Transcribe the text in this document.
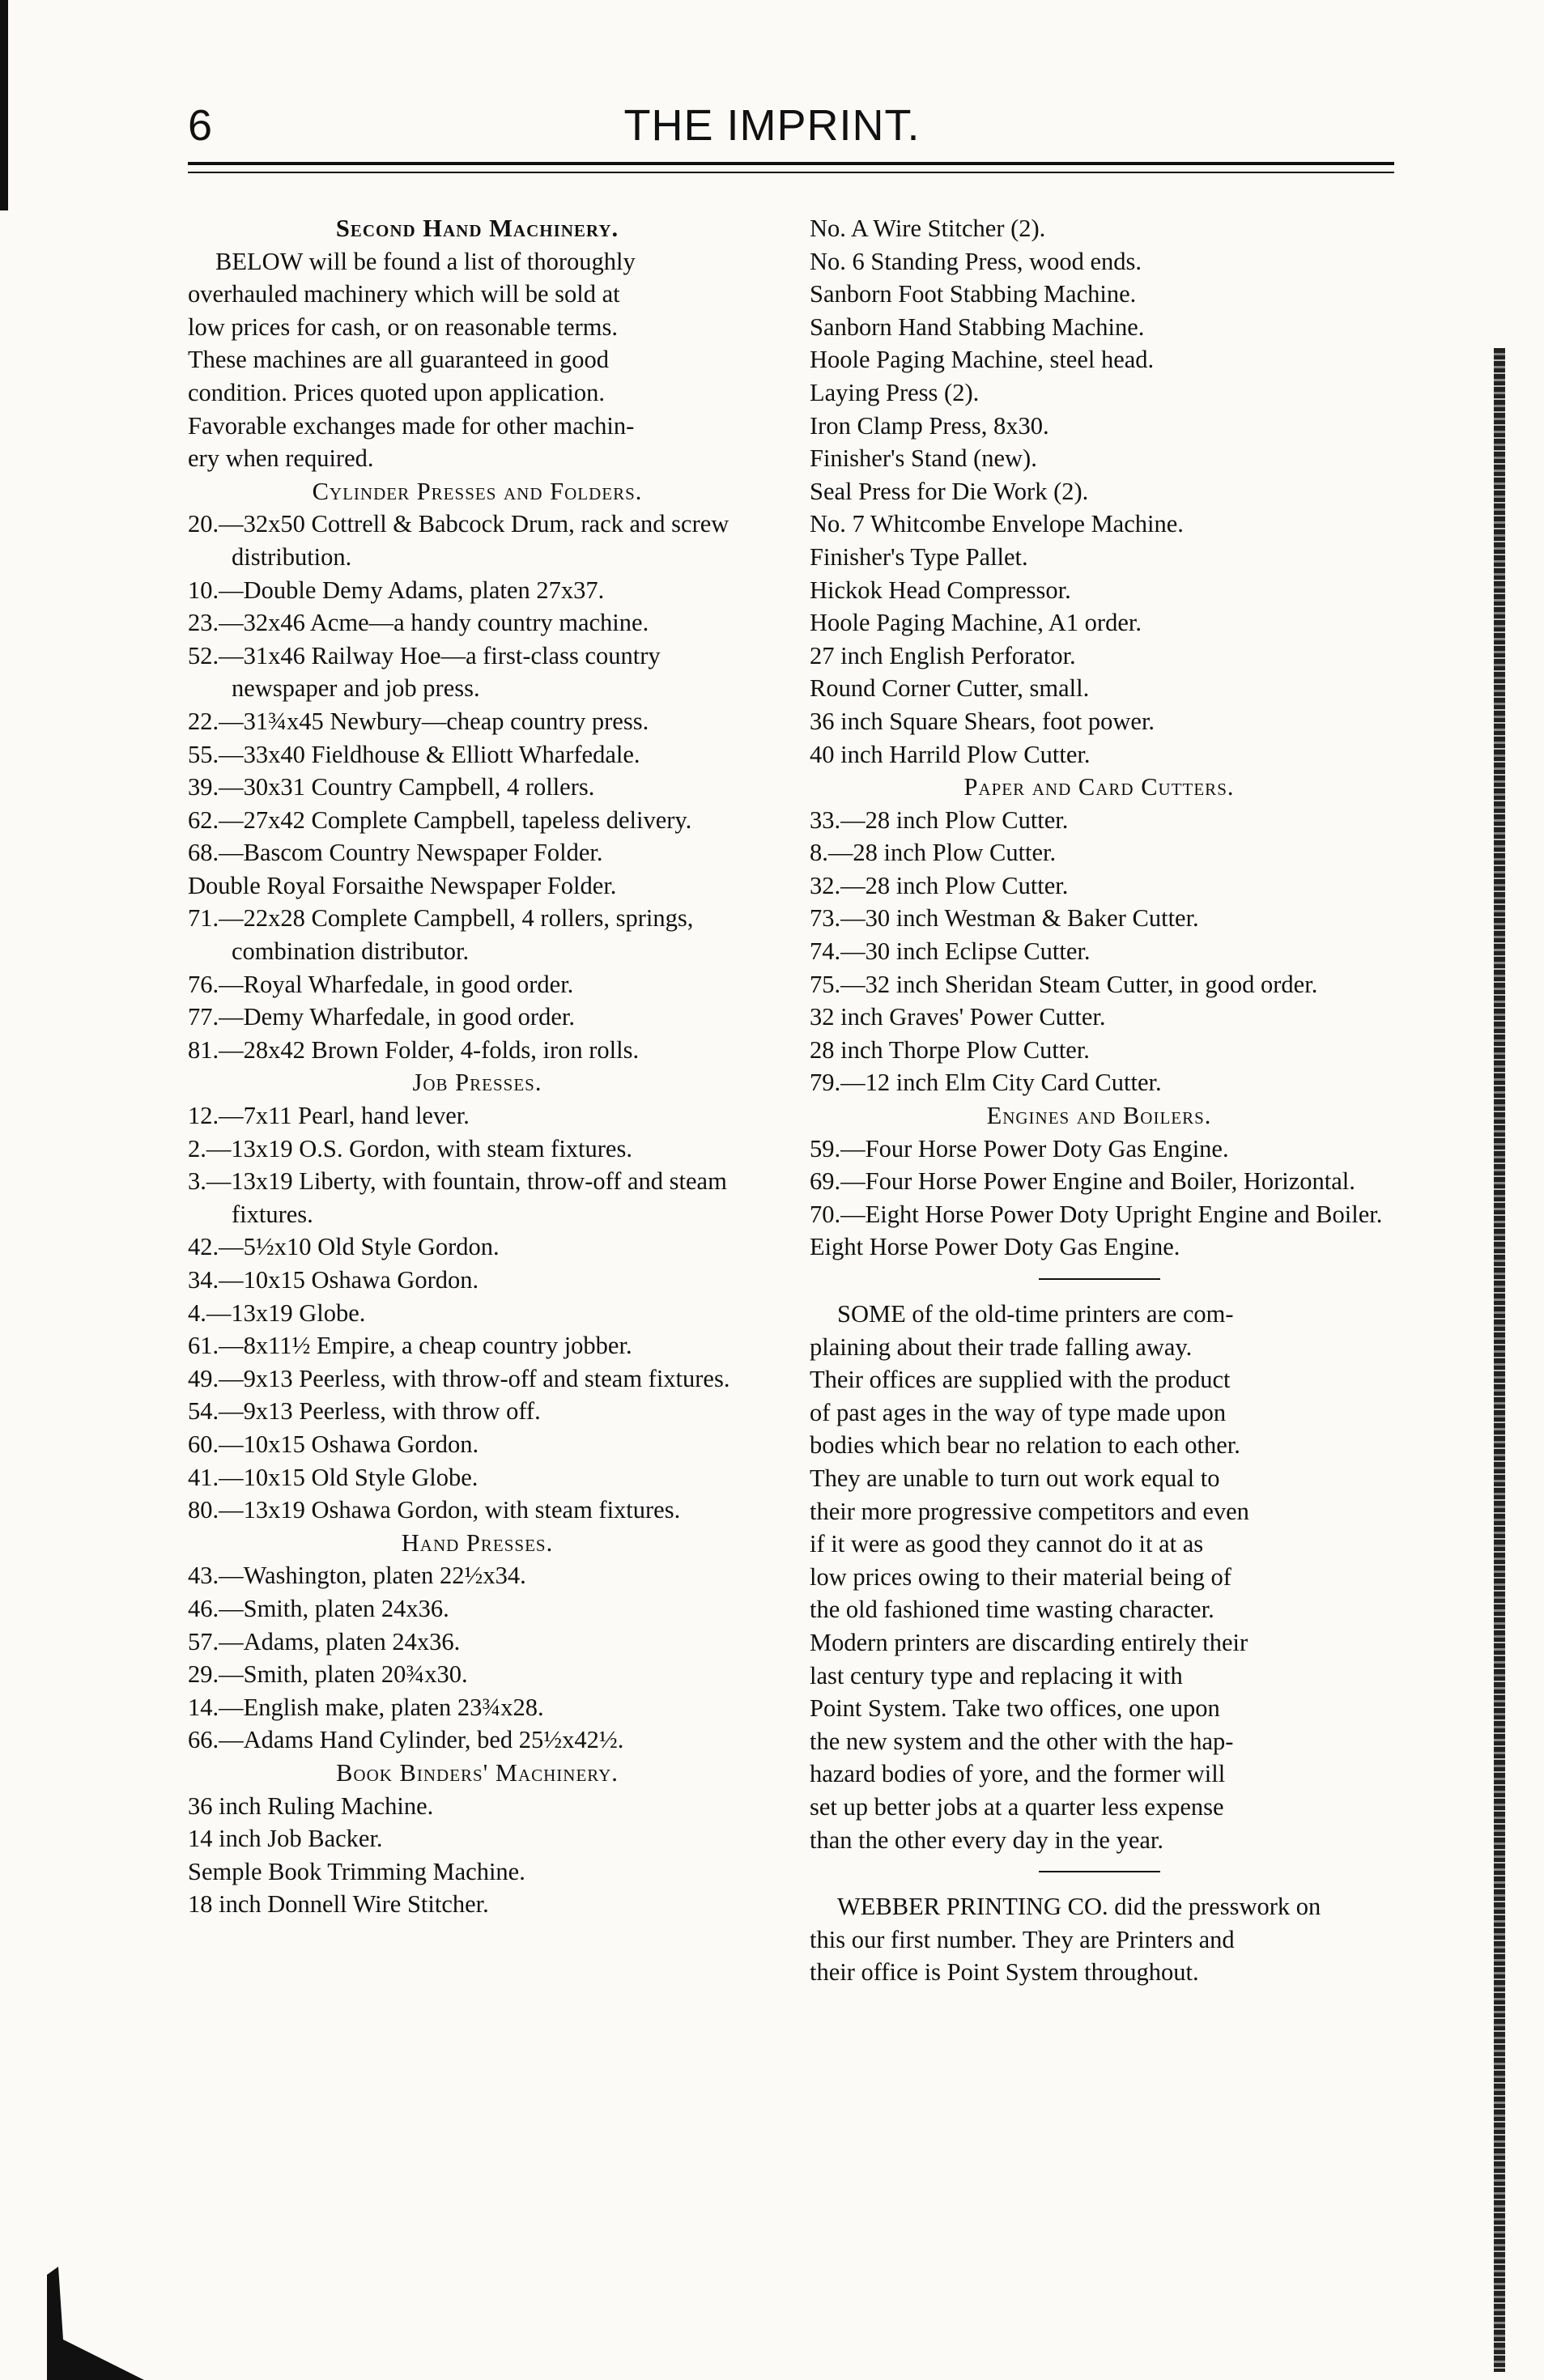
6	THE IMPRINT.
Second Hand Machinery.
BELOW will be found a list of thoroughly
overhauled machinery which will be sold at
low prices for cash, or on reasonable terms.
These machines are all guaranteed in good
condition. Prices quoted upon application.
Favorable exchanges made for other machin-
ery when required.
Cylinder Presses and Folders.
20.—32x50 Cottrell & Babcock Drum, rack and screw distribution.
10.—Double Demy Adams, platen 27x37.
23.—32x46 Acme—a handy country machine.
52.—31x46 Railway Hoe—a first-class country newspaper and job press.
22.—31¾x45 Newbury—cheap country press.
55.—33x40 Fieldhouse & Elliott Wharfedale.
39.—30x31 Country Campbell, 4 rollers.
62.—27x42 Complete Campbell, tapeless delivery.
68.—Bascom Country Newspaper Folder.
Double Royal Forsaithe Newspaper Folder.
71.—22x28 Complete Campbell, 4 rollers, springs, combination distributor.
76.—Royal Wharfedale, in good order.
77.—Demy Wharfedale, in good order.
81.—28x42 Brown Folder, 4-folds, iron rolls.
Job Presses.
12.—7x11 Pearl, hand lever.
2.—13x19 O.S. Gordon, with steam fixtures.
3.—13x19 Liberty, with fountain, throw-off and steam fixtures.
42.—5½x10 Old Style Gordon.
34.—10x15 Oshawa Gordon.
4.—13x19 Globe.
61.—8x11½ Empire, a cheap country jobber.
49.—9x13 Peerless, with throw-off and steam fixtures.
54.—9x13 Peerless, with throw off.
60.—10x15 Oshawa Gordon.
41.—10x15 Old Style Globe.
80.—13x19 Oshawa Gordon, with steam fixtures.
Hand Presses.
43.—Washington, platen 22½x34.
46.—Smith, platen 24x36.
57.—Adams, platen 24x36.
29.—Smith, platen 20¾x30.
14.—English make, platen 23¾x28.
66.—Adams Hand Cylinder, bed 25½x42½.
Book Binders' Machinery.
36 inch Ruling Machine.
14 inch Job Backer.
Semple Book Trimming Machine.
18 inch Donnell Wire Stitcher.
No. A Wire Stitcher (2).
No. 6 Standing Press, wood ends.
Sanborn Foot Stabbing Machine.
Sanborn Hand Stabbing Machine.
Hoole Paging Machine, steel head.
Laying Press (2).
Iron Clamp Press, 8x30.
Finisher's Stand (new).
Seal Press for Die Work (2).
No. 7 Whitcombe Envelope Machine.
Finisher's Type Pallet.
Hickok Head Compressor.
Hoole Paging Machine, A1 order.
27 inch English Perforator.
Round Corner Cutter, small.
36 inch Square Shears, foot power.
40 inch Harrild Plow Cutter.
Paper and Card Cutters.
33.—28 inch Plow Cutter.
8.—28 inch Plow Cutter.
32.—28 inch Plow Cutter.
73.—30 inch Westman & Baker Cutter.
74.—30 inch Eclipse Cutter.
75.—32 inch Sheridan Steam Cutter, in good order.
32 inch Graves' Power Cutter.
28 inch Thorpe Plow Cutter.
79.—12 inch Elm City Card Cutter.
Engines and Boilers.
59.—Four Horse Power Doty Gas Engine.
69.—Four Horse Power Engine and Boiler, Horizontal.
70.—Eight Horse Power Doty Upright Engine and Boiler.
Eight Horse Power Doty Gas Engine.
SOME of the old-time printers are com-
plaining about their trade falling away.
Their offices are supplied with the product
of past ages in the way of type made upon
bodies which bear no relation to each other.
They are unable to turn out work equal to
their more progressive competitors and even
if it were as good they cannot do it at as
low prices owing to their material being of
the old fashioned time wasting character.
Modern printers are discarding entirely their
last century type and replacing it with
Point System. Take two offices, one upon
the new system and the other with the hap-
hazard bodies of yore, and the former will
set up better jobs at a quarter less expense
than the other every day in the year.
WEBBER PRINTING CO. did the presswork on
this our first number. They are Printers and
their office is Point System throughout.
